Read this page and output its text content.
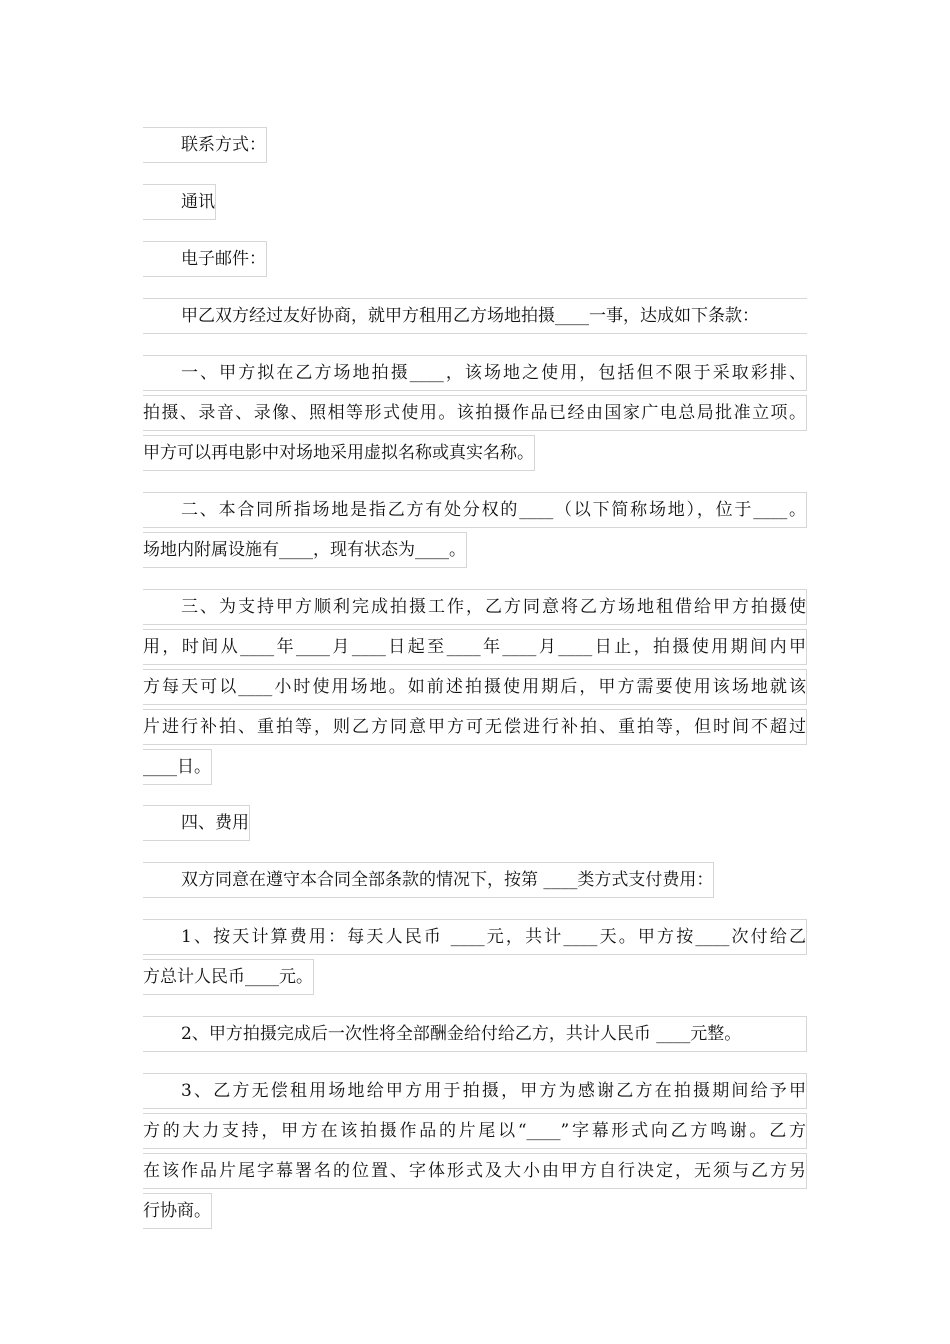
联系方式：
通讯
电子邮件：
甲乙双方经过友好协商，就甲方租用乙方场地拍摄____一事，达成如下条款：
一、甲方拟在乙方场地拍摄____，该场地之使用，包括但不限于采取彩排、
拍摄、录音、录像、照相等形式使用。该拍摄作品已经由国家广电总局批准立项。
甲方可以再电影中对场地采用虚拟名称或真实名称。
二、本合同所指场地是指乙方有处分权的____（以下简称场地），位于____。
场地内附属设施有____，现有状态为____。
三、为支持甲方顺利完成拍摄工作，乙方同意将乙方场地租借给甲方拍摄使
用，时间从____年____月____日起至____年____月____日止，拍摄使用期间内甲
方每天可以____小时使用场地。如前述拍摄使用期后，甲方需要使用该场地就该
片进行补拍、重拍等，则乙方同意甲方可无偿进行补拍、重拍等，但时间不超过
____日。
四、费用
双方同意在遵守本合同全部条款的情况下，按第 ____类方式支付费用：
1、按天计算费用：每天人民币 ____元，共计____天。甲方按____次付给乙
方总计人民币____元。
2、甲方拍摄完成后一次性将全部酬金给付给乙方，共计人民币 ____元整。
3、乙方无偿租用场地给甲方用于拍摄，甲方为感谢乙方在拍摄期间给予甲
方的大力支持，甲方在该拍摄作品的片尾以“____”字幕形式向乙方鸣谢。乙方
在该作品片尾字幕署名的位置、字体形式及大小由甲方自行决定，无须与乙方另
行协商。
